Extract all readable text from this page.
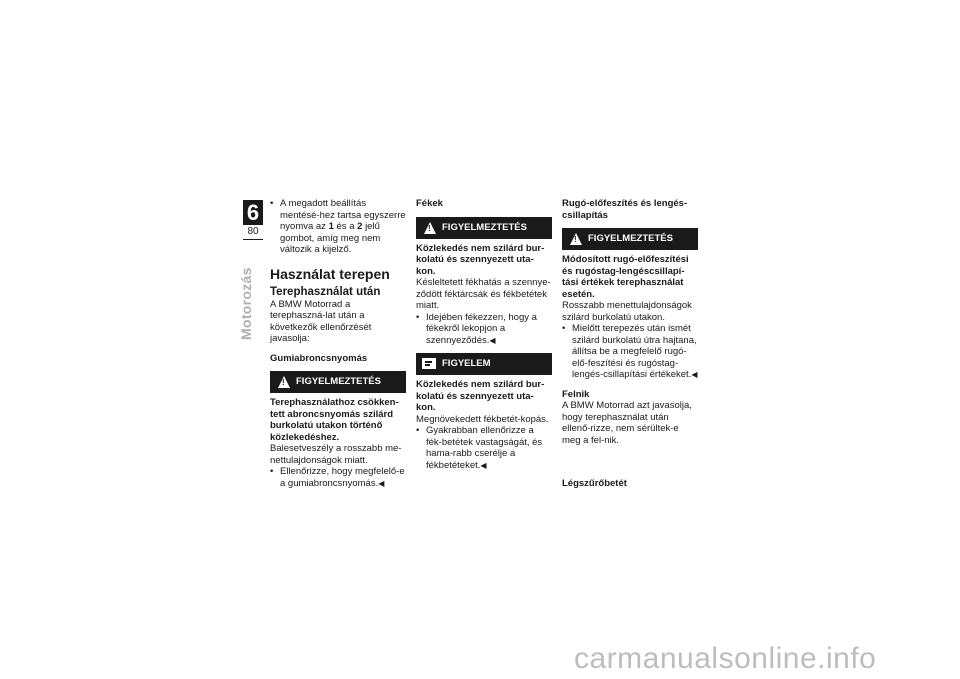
6
80
Motorozás
• A megadott beállítás mentésé-hez tartsa egyszerre nyomva az 1 és a 2 jelű gombot, amíg meg nem változik a kijelző.
Használat terepen
Terephasználat után
A BMW Motorrad a terephaszná-lat után a következők ellenőrzését javasolja:
Gumiabroncsnyomás
!
FIGYELMEZTETÉS
Terephasználathoz csökken-tett abroncsnyomás szilárd burkolatú utakon történő közlekedéshez.
Balesetveszély a rosszabb me-nettulajdonságok miatt.
• Ellenőrizze, hogy megfelelő-e a gumiabroncsnyomás.◀
Fékek
!
FIGYELMEZTETÉS
Közlekedés nem szilárd bur-kolatú és szennyezett uta-kon.
Késleltetett fékhatás a szennye-ződött féktárcsák és fékbetétek miatt.
• Idejében fékezzen, hogy a fékekről lekopjon a szennyeződés.◀
FIGYELEM
Közlekedés nem szilárd bur-kolatú és szennyezett uta-kon.
Megnövekedett fékbetét-kopás.
• Gyakrabban ellenőrizze a fék-betétek vastagságát, és hama-rabb cserélje a fékbetéteket.◀
Rugó-előfeszítés és lengés-csillapítás
!
FIGYELMEZTETÉS
Módosított rugó-előfeszítési és rugóstag-lengéscsillapí-tási értékek terephasználat esetén.
Rosszabb menettulajdonságok szilárd burkolatú utakon.
• Mielőtt terepezés után ismét szilárd burkolatú útra hajtana, állítsa be a megfelelő rugó-elő-feszítési és rugóstag-lengés-csillapítási értékeket.◀
Felnik
A BMW Motorrad azt javasolja, hogy terephasználat után ellenő-rizze, nem sérültek-e meg a fel-nik.
Légszűrőbetét
carmanualsonline.info
